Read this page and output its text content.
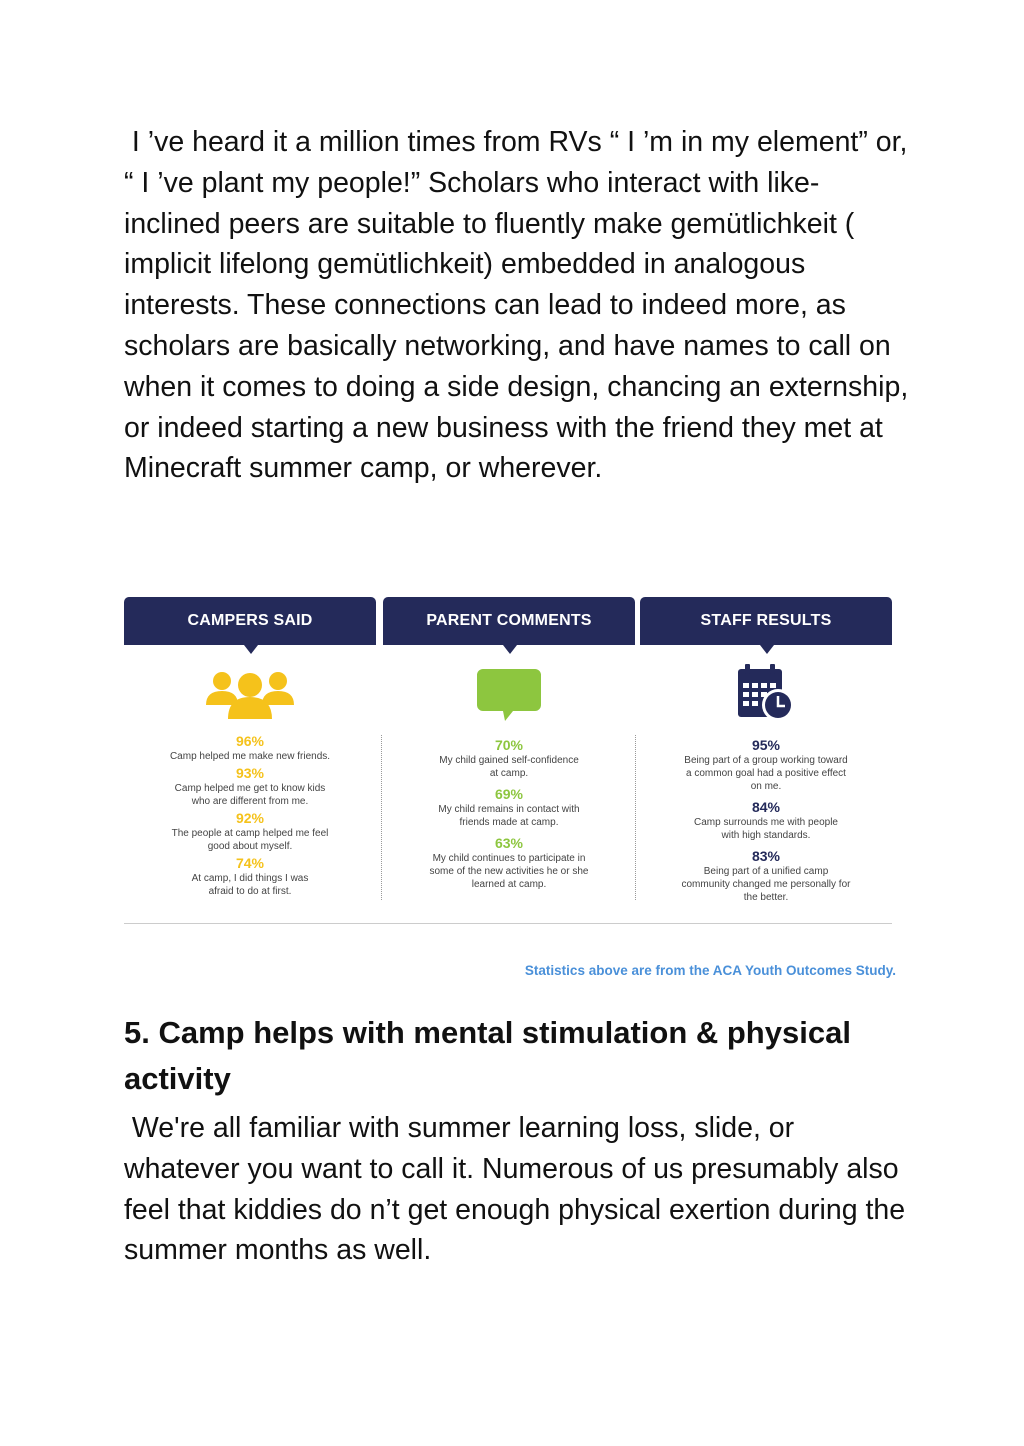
I ’ve heard it a million times from RVs “ I ’m in my element” or, “ I ’ve plant my people!” Scholars who interact with like-inclined peers are suitable to fluently make gemütlichkeit ( implicit lifelong gemütlichkeit) embedded in analogous interests. These connections can lead to indeed more, as scholars are basically networking, and have names to call on when it comes to doing a side design, chancing an externship, or indeed starting a new business with the friend they met at Minecraft summer camp, or wherever.

CAMPERS SAID
96%
Camp helped me make new friends.
93%
Camp helped me get to know kids who are different from me.
92%
The people at camp helped me feel good about myself.
74%
At camp, I did things I was afraid to do at first.
PARENT COMMENTS
70%
My child gained self-confidence at camp.
69%
My child remains in contact with friends made at camp.
63%
My child continues to participate in some of the new activities he or she learned at camp.
STAFF RESULTS
95%
Being part of a group working toward a common goal had a positive effect on me.
84%
Camp surrounds me with people with high standards.
83%
Being part of a unified camp community changed me personally for the better.
Statistics above are from the ACA Youth Outcomes Study.
5. Camp helps with mental stimulation & physical activity

We're all familiar with summer learning loss, slide, or whatever you want to call it. Numerous of us presumably also feel that kiddies do n’t get enough physical exertion during the summer months as well.
